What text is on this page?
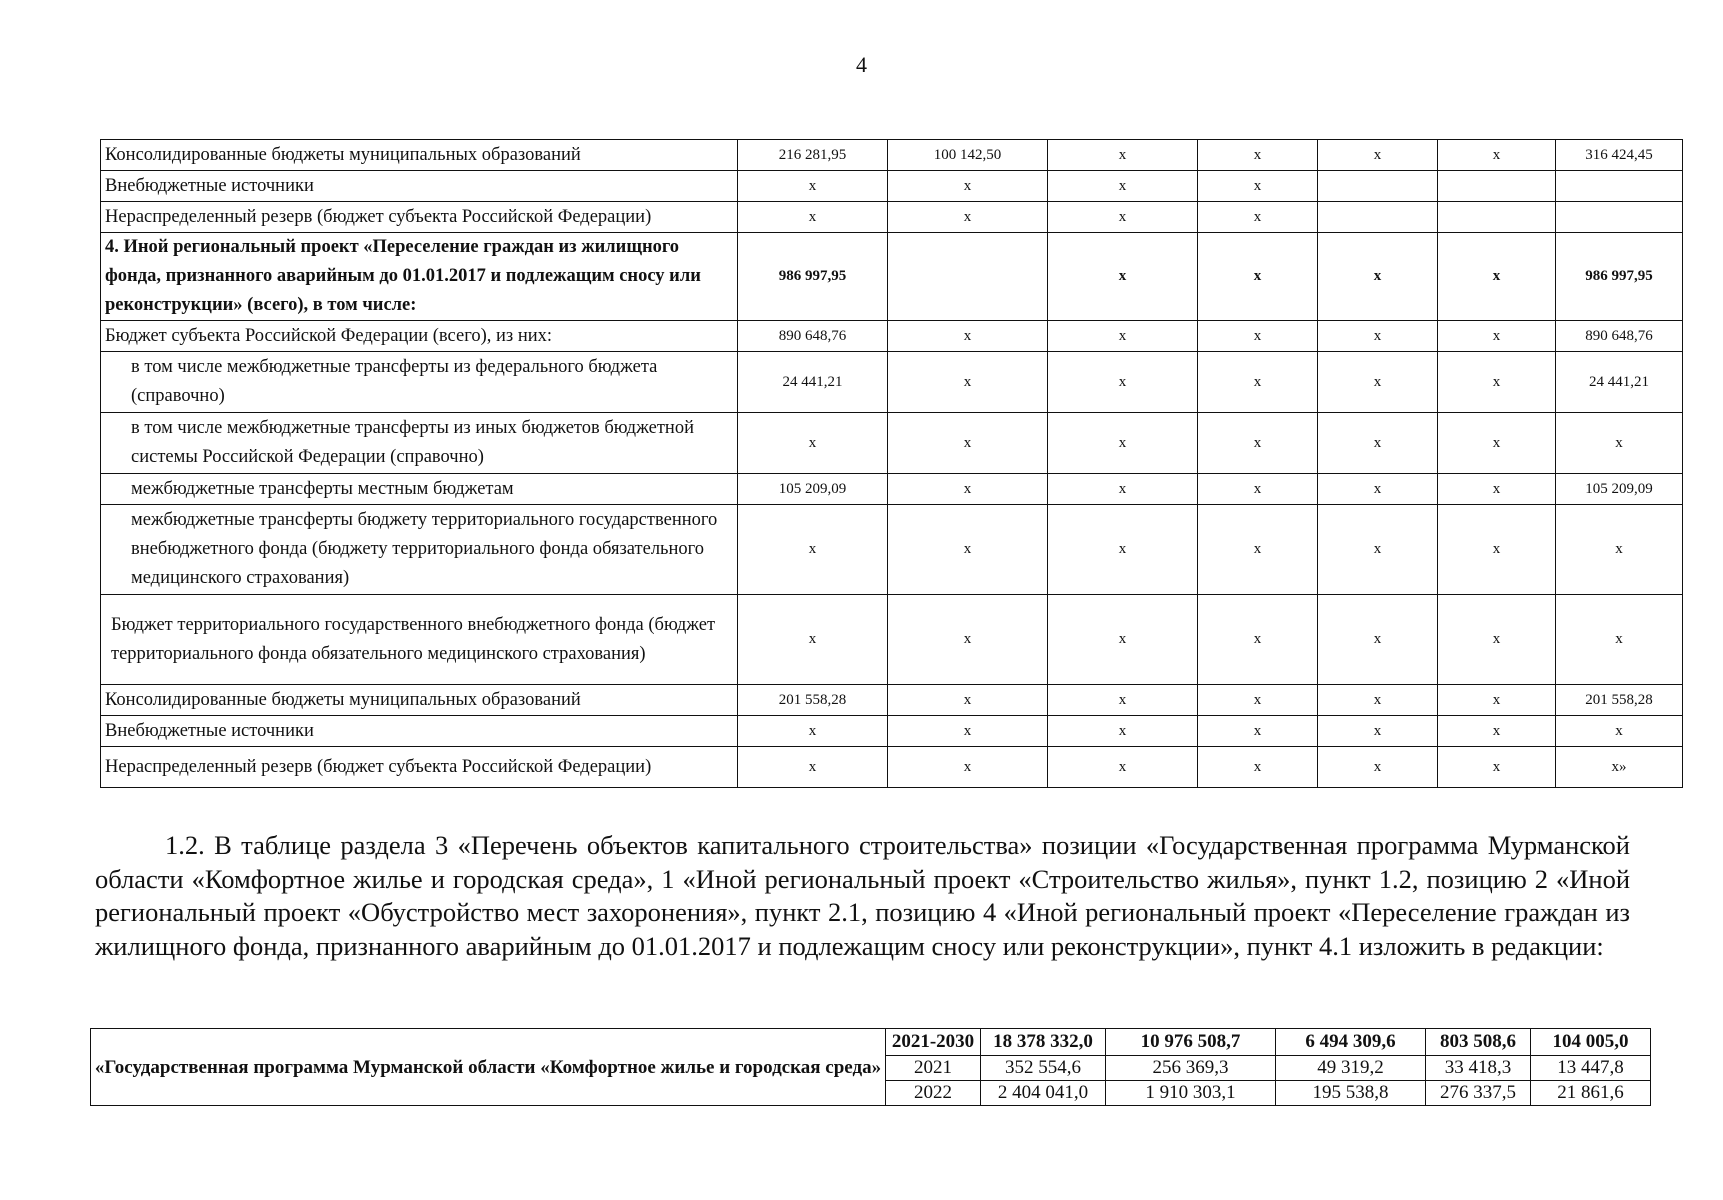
4
Консолидированные бюджеты муниципальных образований	216 281,95	100 142,50	x	x	x	x	316 424,45
Внебюджетные источники	x	x	x	x			
Нераспределенный резерв (бюджет субъекта Российской Федерации)	x	x	x	x			
4. Иной региональный проект «Переселение граждан из жилищного фонда, признанного аварийным до 01.01.2017 и подлежащим сносу или реконструкции» (всего), в том числе:	986 997,95		x	x	x	x	986 997,95
Бюджет субъекта Российской Федерации (всего), из них:	890 648,76	x	x	x	x	x	890 648,76
в том числе межбюджетные трансферты из федерального бюджета (справочно)	24 441,21	x	x	x	x	x	24 441,21
в том числе межбюджетные трансферты из иных бюджетов бюджетной системы Российской Федерации (справочно)	x	x	x	x	x	x	x
межбюджетные трансферты местным бюджетам	105 209,09	x	x	x	x	x	105 209,09
межбюджетные трансферты бюджету территориального государственного внебюджетного фонда (бюджету территориального фонда обязательного медицинского страхования)	x	x	x	x	x	x	x
Бюджет территориального государственного внебюджетного фонда (бюджет территориального фонда обязательного медицинского страхования)	x	x	x	x	x	x	x
Консолидированные бюджеты муниципальных образований	201 558,28	x	x	x	x	x	201 558,28
Внебюджетные источники	x	x	x	x	x	x	x
Нераспределенный резерв (бюджет субъекта Российской Федерации)	x	x	x	x	x	x	x»
1.2. В таблице раздела 3 «Перечень объектов капитального строительства» позиции «Государственная программа Мурманской области «Комфортное жилье и городская среда», 1 «Иной региональный проект «Строительство жилья», пункт 1.2, позицию 2 «Иной региональный проект «Обустройство мест захоронения», пункт 2.1, позицию 4 «Иной региональный проект «Переселение граждан из жилищного фонда, признанного аварийным до 01.01.2017 и подлежащим сносу или реконструкции», пункт 4.1 изложить в редакции:
«Государственная программа Мурманской области «Комфортное жилье и городская среда»	2021-2030	18 378 332,0	10 976 508,7	6 494 309,6	803 508,6	104 005,0
	2021	352 554,6	256 369,3	49 319,2	33 418,3	13 447,8
	2022	2 404 041,0	1 910 303,1	195 538,8	276 337,5	21 861,6
